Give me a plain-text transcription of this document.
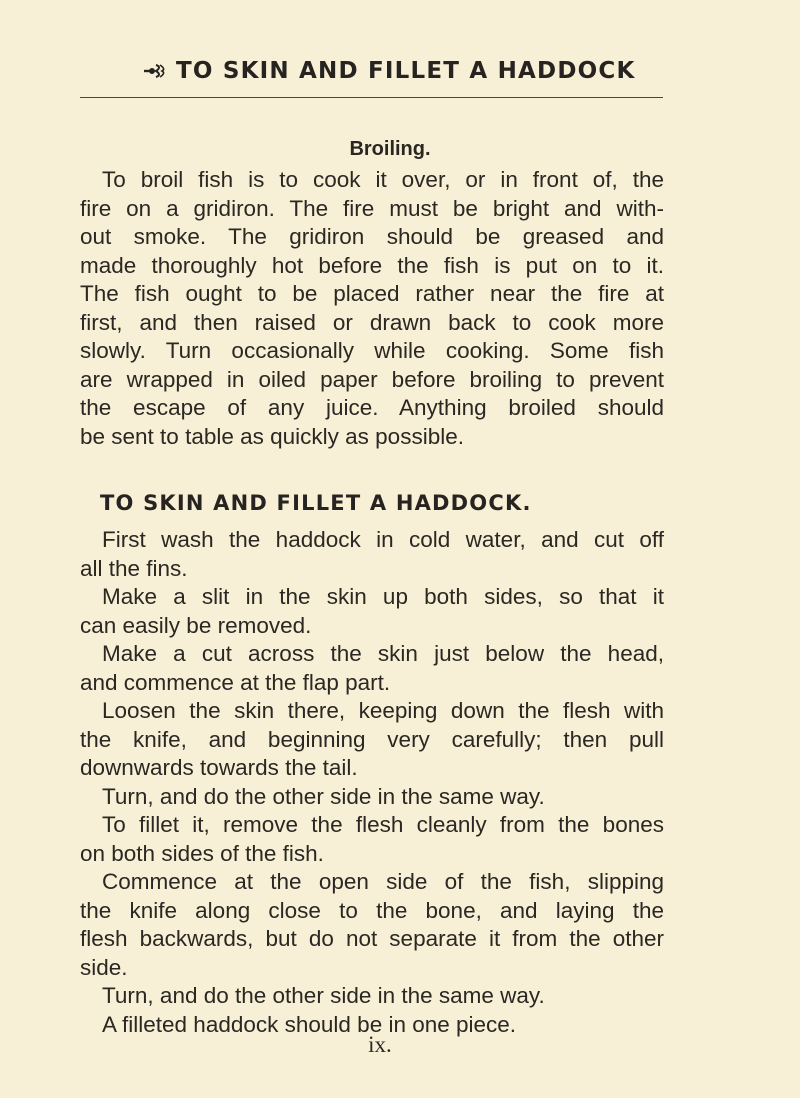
TO SKIN AND FILLET A HADDOCK
Broiling.
To broil fish is to cook it over, or in front of, the
fire on a gridiron. The fire must be bright and with-
out smoke. The gridiron should be greased and
made thoroughly hot before the fish is put on to it.
The fish ought to be placed rather near the fire at
first, and then raised or drawn back to cook more
slowly. Turn occasionally while cooking. Some fish
are wrapped in oiled paper before broiling to prevent
the escape of any juice. Anything broiled should
be sent to table as quickly as possible.
TO SKIN AND FILLET A HADDOCK.
First wash the haddock in cold water, and cut off
all the fins.
Make a slit in the skin up both sides, so that it
can easily be removed.
Make a cut across the skin just below the head,
and commence at the flap part.
Loosen the skin there, keeping down the flesh with
the knife, and beginning very carefully; then pull
downwards towards the tail.
Turn, and do the other side in the same way.
To fillet it, remove the flesh cleanly from the bones
on both sides of the fish.
Commence at the open side of the fish, slipping
the knife along close to the bone, and laying the
flesh backwards, but do not separate it from the other
side.
Turn, and do the other side in the same way.
A filleted haddock should be in one piece.
ix.
